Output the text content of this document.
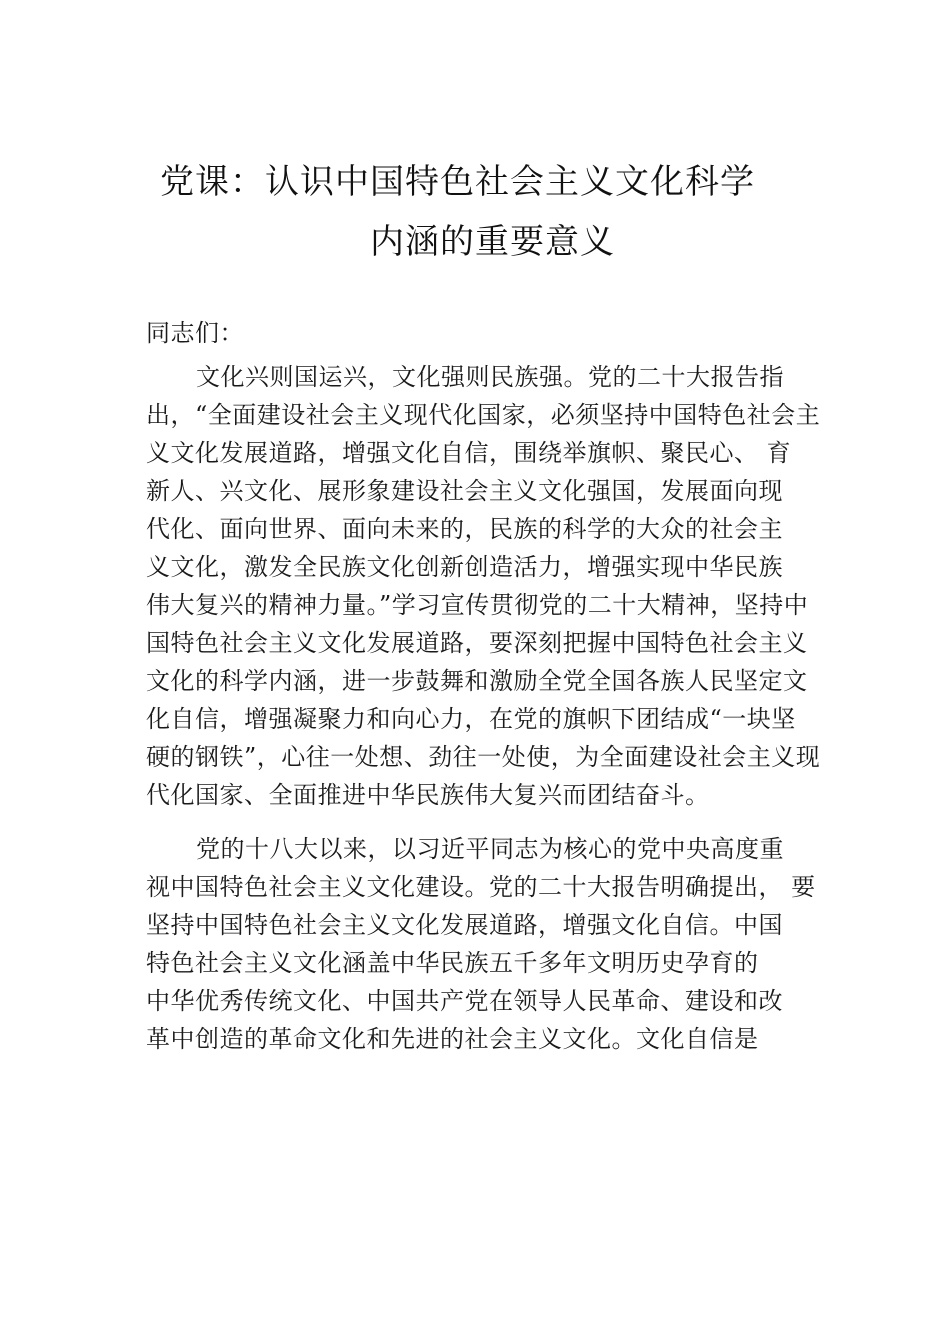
党课：认识中国特色社会主义文化科学
内涵的重要意义
同志们：
文化兴则国运兴，文化强则民族强。党的二十大报告指
出，“全面建设社会主义现代化国家，必须坚持中国特色社会主
义文化发展道路，增强文化自信，围绕举旗帜、聚民心、 育
新人、兴文化、展形象建设社会主义文化强国，发展面向现
代化、面向世界、面向未来的，民族的科学的大众的社会主
义文化，激发全民族文化创新创造活力，增强实现中华民族
伟大复兴的精神力量。”学习宣传贯彻党的二十大精神，坚持中
国特色社会主义文化发展道路，要深刻把握中国特色社会主义
文化的科学内涵，进一步鼓舞和激励全党全国各族人民坚定文
化自信，增强凝聚力和向心力，在党的旗帜下团结成“一块坚
硬的钢铁”，心往一处想、劲往一处使，为全面建设社会主义现
代化国家、全面推进中华民族伟大复兴而团结奋斗。
党的十八大以来，以习近平同志为核心的党中央高度重
视中国特色社会主义文化建设。党的二十大报告明确提出， 要
坚持中国特色社会主义文化发展道路，增强文化自信。中国
特色社会主义文化涵盖中华民族五千多年文明历史孕育的
中华优秀传统文化、中国共产党在领导人民革命、建设和改
革中创造的革命文化和先进的社会主义文化。文化自信是
